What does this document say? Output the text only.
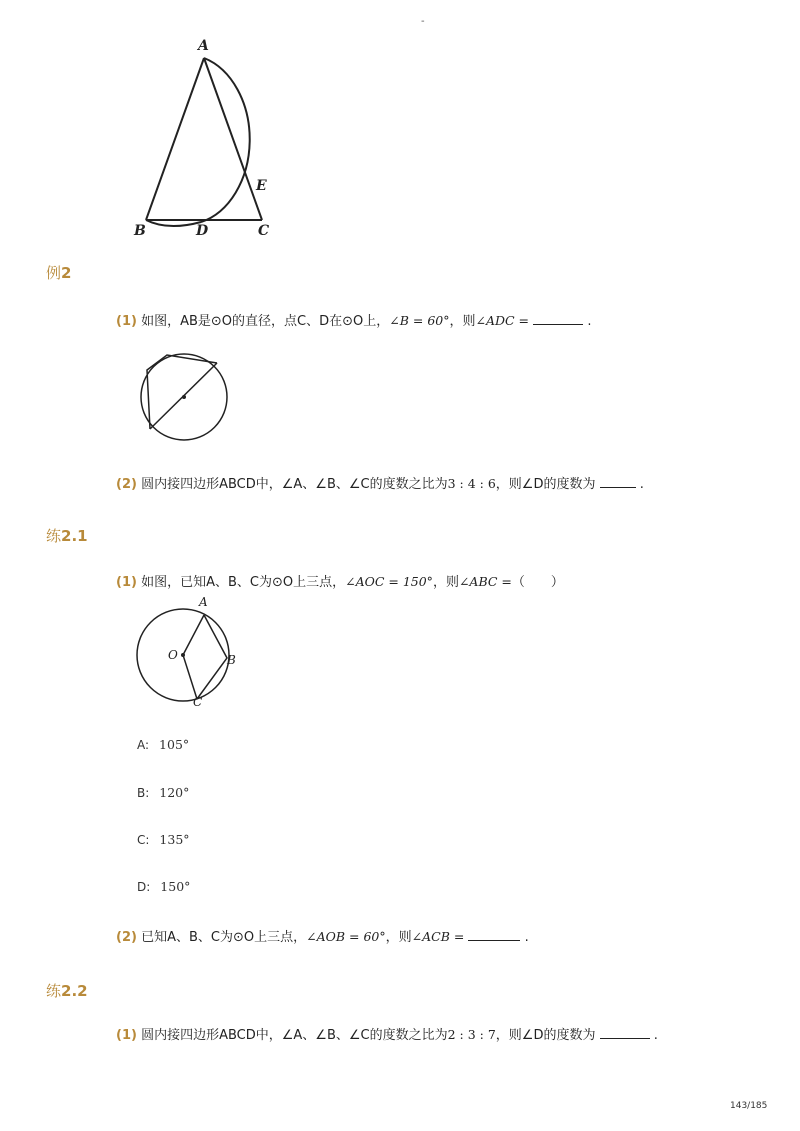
-
A
B	C
D
E
例2
(1) 如图，AB是⊙O的直径，点C、D在⊙O上，∠B = 60°，则∠ADC =	.
(2) 圆内接四边形ABCD中，∠A、∠B、∠C的度数之比为3 : 4 : 6，则∠D的度数为	.
练2.1
(1) 如图，已知A、B、C为⊙O上三点，∠AOC = 150°，则∠ABC =（　　）
A
O	B
C
A: 105°
B: 120°
C: 135°
D: 150°
(2) 已知A、B、C为⊙O上三点，∠AOB = 60°，则∠ACB =	.
练2.2
(1) 圆内接四边形ABCD中，∠A、∠B、∠C的度数之比为2 : 3 : 7，则∠D的度数为	.
143/185
